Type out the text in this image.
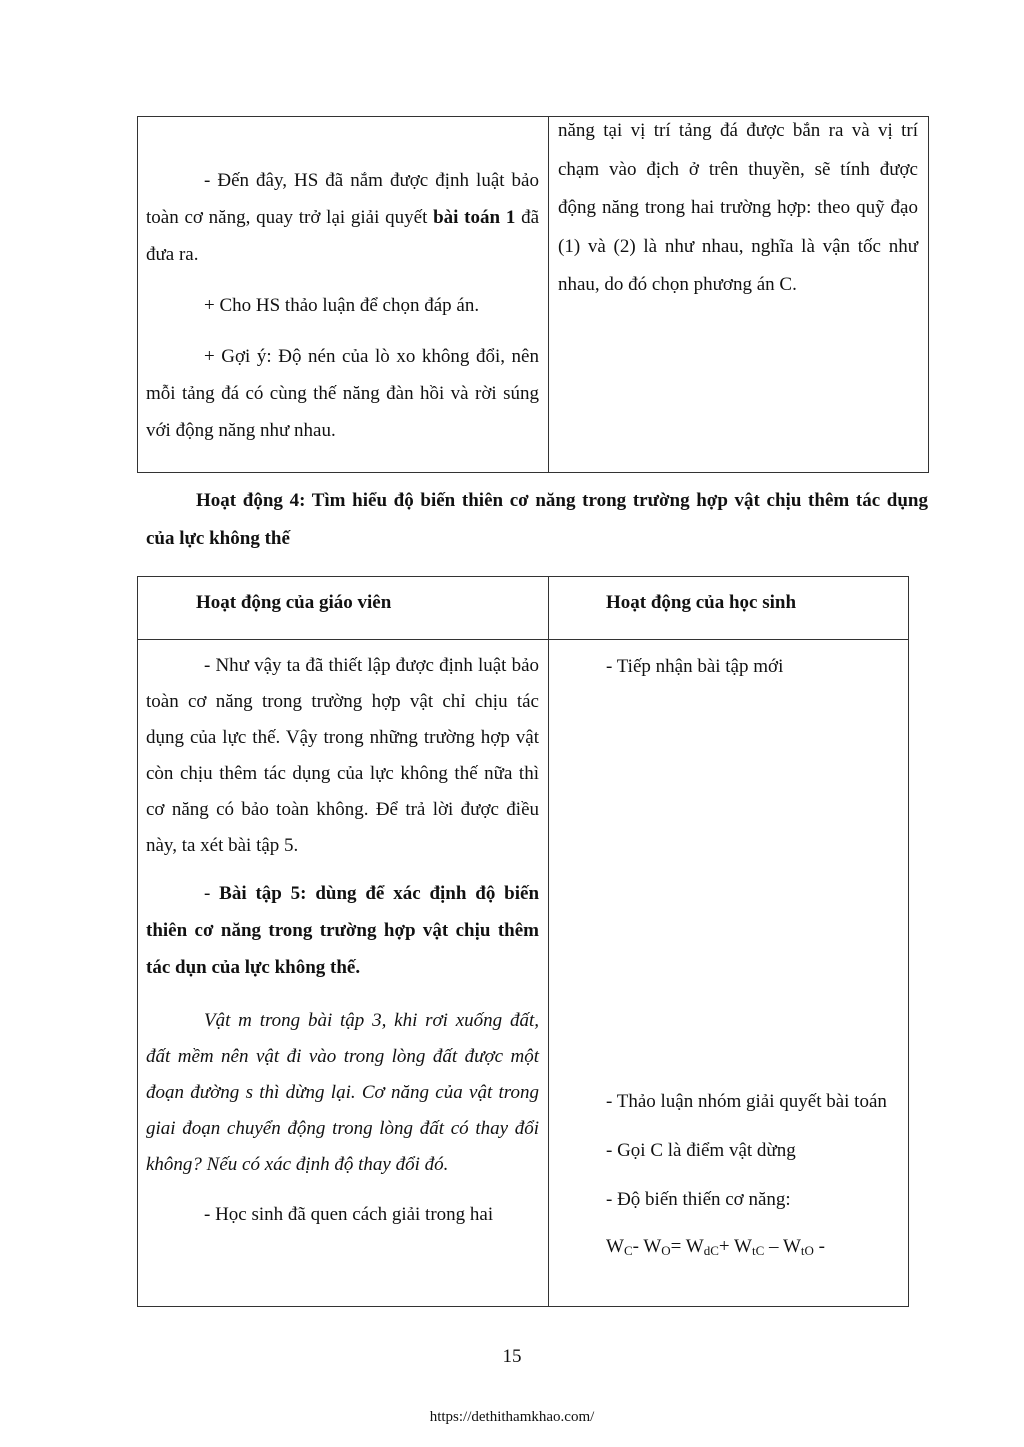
- Đến đây, HS đã nắm được định luật bảo toàn cơ năng, quay trở lại giải quyết bài toán 1 đã đưa ra.

+ Cho HS thảo luận để chọn đáp án.

+ Gợi ý: Độ nén của lò xo không đổi, nên mỗi tảng đá có cùng thế năng đàn hồi và rời súng với động năng như nhau.

năng tại vị trí tảng đá được bắn ra và vị trí chạm vào địch ở trên thuyền, sẽ tính được động năng trong hai trường hợp: theo quỹ đạo (1) và (2) là như nhau, nghĩa là vận tốc như nhau, do đó chọn phương án C.

Hoạt động 4: Tìm hiểu độ biến thiên cơ năng trong trường hợp vật chịu thêm tác dụng của lực không thế

Hoạt động của giáo viên	Hoạt động của học sinh

- Như vậy ta đã thiết lập được định luật bảo toàn cơ năng trong trường hợp vật chỉ chịu tác dụng của lực thế. Vậy trong những trường hợp vật còn chịu thêm tác dụng của lực không thế nữa thì cơ năng có bảo toàn không. Để trả lời được điều này, ta xét bài tập 5.

- Bài tập 5: dùng để xác định độ biến thiên cơ năng trong trường hợp vật chịu thêm tác dụn của lực không thế.

Vật m trong bài tập 3, khi rơi xuống đất, đất mềm nên vật đi vào trong lòng đất được một đoạn đường s thì dừng lại. Cơ năng của vật trong giai đoạn chuyển động trong lòng đất có thay đổi không? Nếu có xác định độ thay đổi đó.

- Học sinh đã quen cách giải trong hai

- Tiếp nhận bài tập mới

- Thảo luận nhóm giải quyết bài toán

- Gọi C là điểm vật dừng

- Độ biến thiến cơ năng:

$W_C-$ $W_O= W_{dC}+ W_{tC} - W_{tO}$ -

15
https://dethithamkhao.com/
